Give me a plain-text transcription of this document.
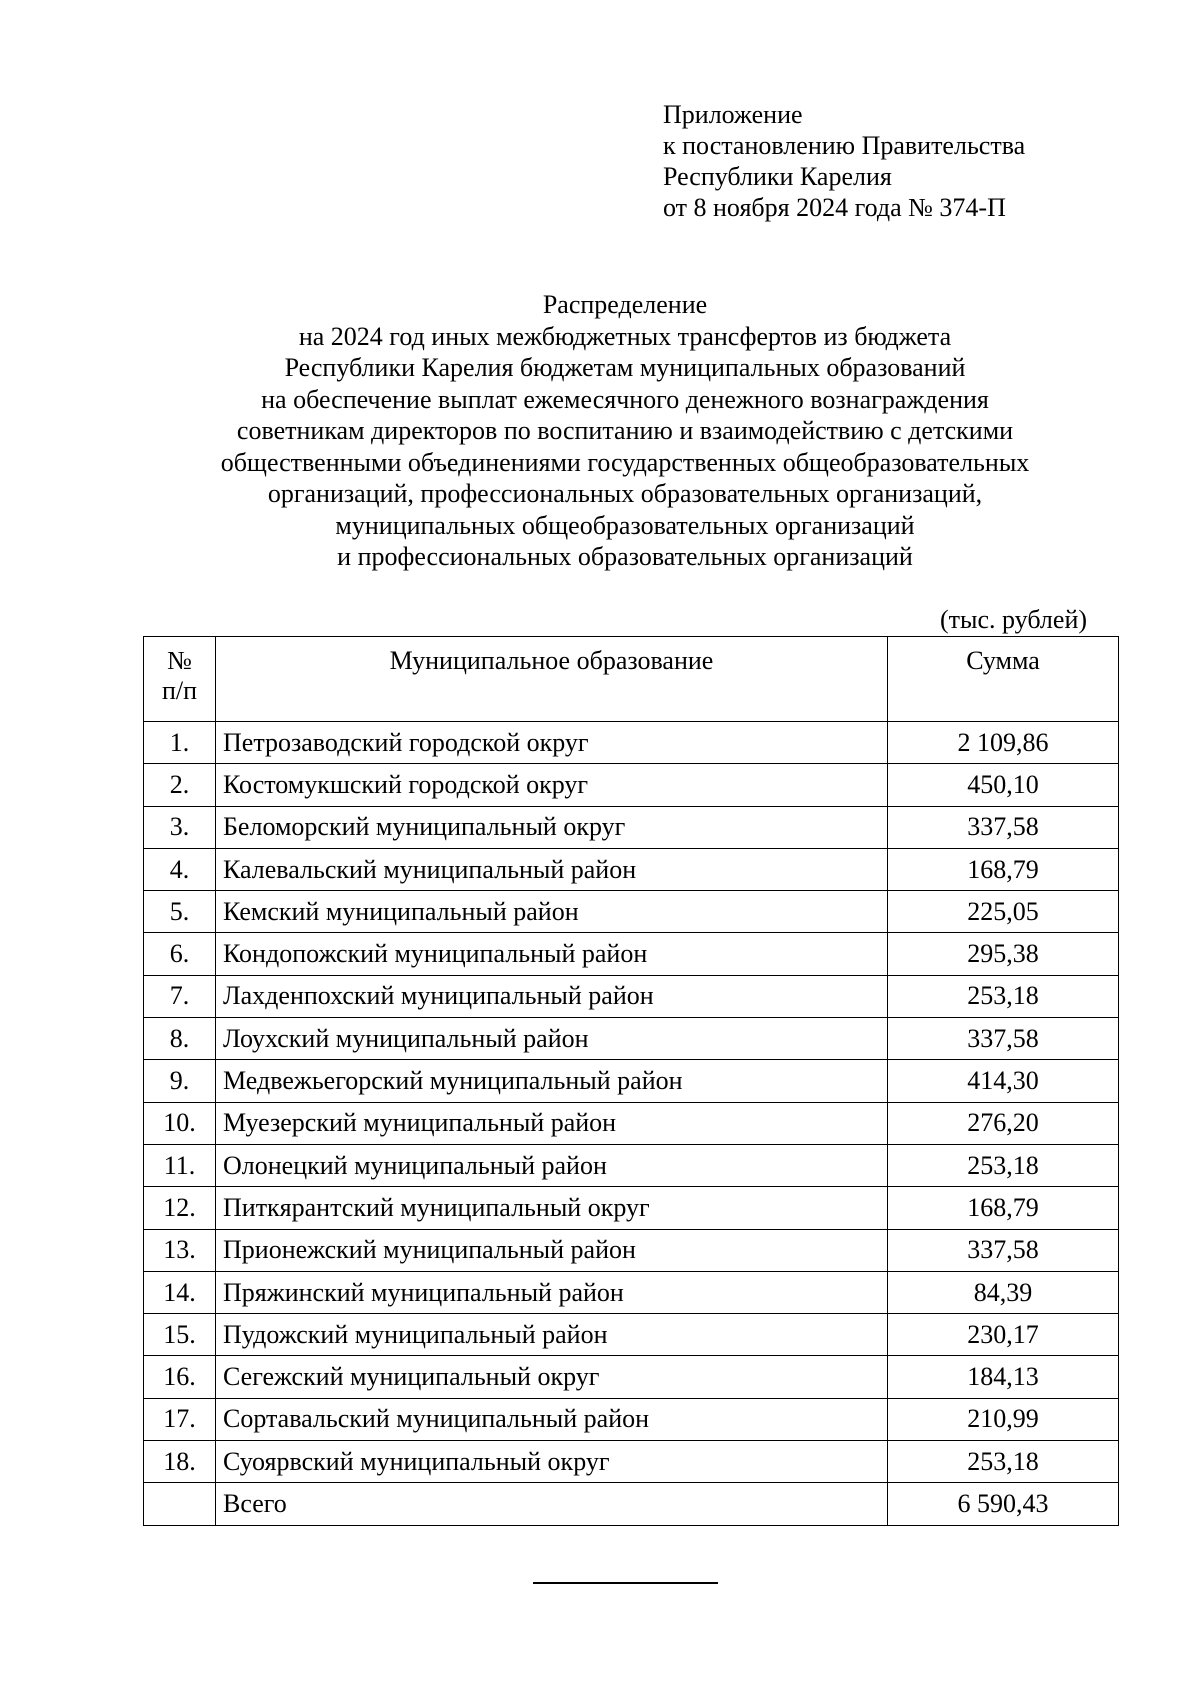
Приложение
к постановлению Правительства
Республики Карелия
от 8 ноября 2024 года № 374-П
Распределение
на 2024 год иных межбюджетных трансфертов из бюджета
Республики Карелия бюджетам муниципальных образований
на обеспечение выплат ежемесячного денежного вознаграждения
советникам директоров по воспитанию и взаимодействию с детскими
общественными объединениями государственных общеобразовательных
организаций, профессиональных образовательных организаций,
муниципальных общеобразовательных организаций
и профессиональных образовательных организаций
(тыс. рублей)
№
п/п	Муниципальное образование	Сумма
1.	Петрозаводский городской округ	2 109,86
2.	Костомукшский городской округ	450,10
3.	Беломорский муниципальный округ	337,58
4.	Калевальский муниципальный район	168,79
5.	Кемский муниципальный район	225,05
6.	Кондопожский муниципальный район	295,38
7.	Лахденпохский муниципальный район	253,18
8.	Лоухский муниципальный район	337,58
9.	Медвежьегорский муниципальный район	414,30
10.	Муезерский муниципальный район	276,20
11.	Олонецкий муниципальный район	253,18
12.	Питкярантский муниципальный округ	168,79
13.	Прионежский муниципальный район	337,58
14.	Пряжинский муниципальный район	84,39
15.	Пудожский муниципальный район	230,17
16.	Сегежский муниципальный округ	184,13
17.	Сортавальский муниципальный район	210,99
18.	Суоярвский муниципальный округ	253,18
	Всего	6 590,43
